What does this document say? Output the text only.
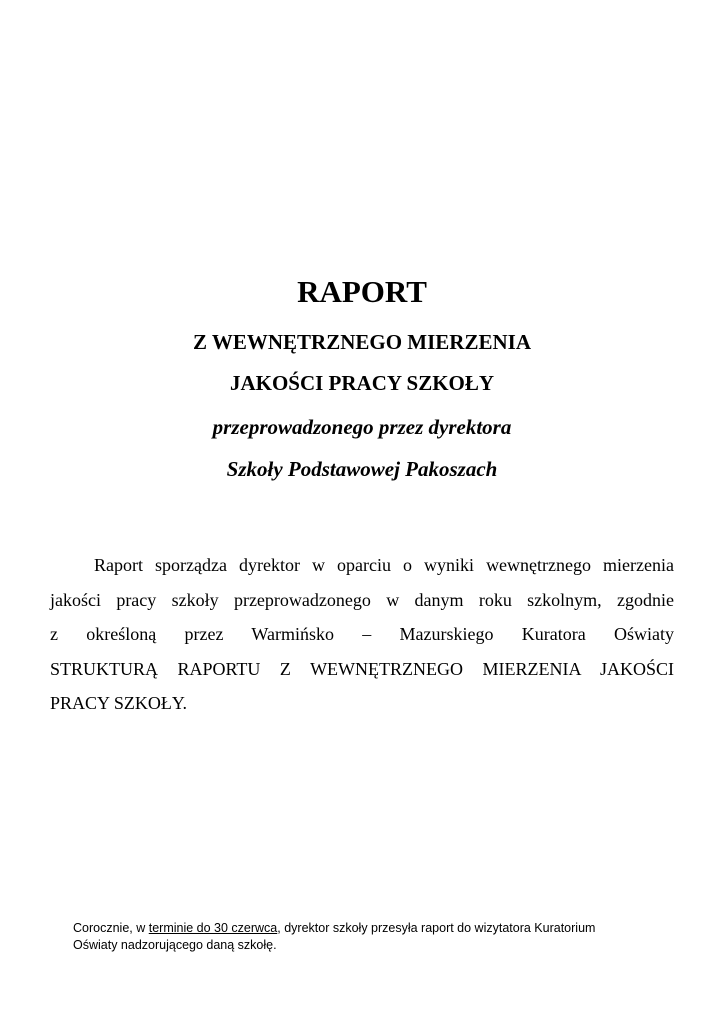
RAPORT
Z WEWNĘTRZNEGO MIERZENIA
JAKOŚCI PRACY SZKOŁY
przeprowadzonego przez dyrektora
Szkoły Podstawowej Pakoszach
Raport sporządza dyrektor w oparciu o wyniki wewnętrznego mierzenia
jakości pracy szkoły przeprowadzonego w danym roku szkolnym, zgodnie
z określoną przez Warmińsko – Mazurskiego Kuratora Oświaty
STRUKTURĄ RAPORTU Z WEWNĘTRZNEGO MIERZENIA JAKOŚCI
PRACY SZKOŁY.
Corocznie, w terminie do 30 czerwca, dyrektor szkoły przesyła raport do wizytatora Kuratorium
Oświaty nadzorującego daną szkołę.
